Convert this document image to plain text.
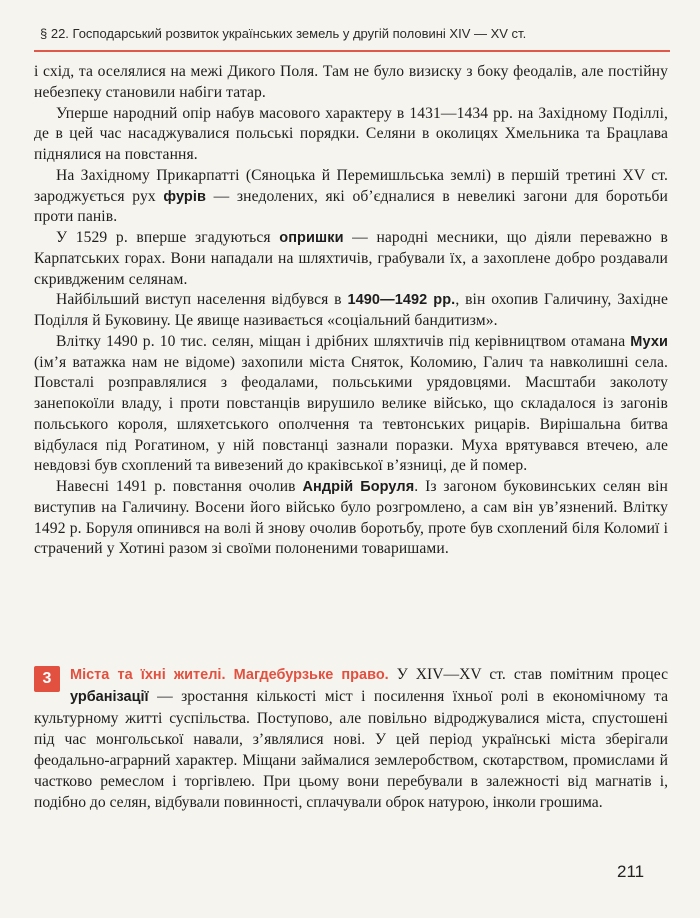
§ 22. Господарський розвиток українських земель у другій половині XIV — XV ст.

і схід, та оселялися на межі Дикого Поля. Там не було визиску з боку феодалів, але постійну небезпеку становили набіги татар.

Уперше народний опір набув масового характеру в 1431—1434 рр. на Західному Поділлі, де в цей час насаджувалися польські порядки. Селяни в околицях Хмельника та Брацлава піднялися на повстання.

На Західному Прикарпатті (Сяноцька й Перемишльська землі) в першій третині XV ст. зароджується рух фурів — знедолених, які об’єдналися в невеликі загони для боротьби проти панів.

У 1529 р. вперше згадуються опришки — народні месники, що діяли переважно в Карпатських горах. Вони нападали на шляхтичів, грабували їх, а захоплене добро роздавали скривдженим селянам.

Найбільший виступ населення відбувся в 1490—1492 рр., він охопив Галичину, Західне Поділля й Буковину. Це явище називається «соціальний бандитизм».

Влітку 1490 р. 10 тис. селян, міщан і дрібних шляхтичів під керівництвом отамана Мухи (ім’я ватажка нам не відоме) захопили міста Сняток, Коломию, Галич та навколишні села. Повсталі розправлялися з феодалами, польськими урядовцями. Масштаби заколоту занепокоїли владу, і проти повстанців вирушило велике військо, що складалося із загонів польського короля, шляхетського ополчення та тевтонських рицарів. Вирішальна битва відбулася під Рогатином, у ній повстанці зазнали поразки. Муха врятувався втечею, але невдовзі був схоплений та вивезений до краківської в’язниці, де й помер.

Навесні 1491 р. повстання очолив Андрій Боруля. Із загоном буковинських селян він виступив на Галичину. Восени його військо було розгромлено, а сам він ув’язнений. Влітку 1492 р. Боруля опинився на волі й знову очолив боротьбу, проте був схоплений біля Коломиї і страчений у Хотині разом зі своїми полоненими товаришами.

3	Міста та їхні жителі. Магдебурзьке право. У XIV—XV ст. став помітним процес урбанізації — зростання кількості міст і посилення їхньої ролі в економічному та культурному житті суспільства. Поступово, але повільно відроджувалися міста, спустошені під час монгольської навали, з’являлися нові. У цей період українські міста зберігали феодально-аграрний характер. Міщани займалися землеробством, скотарством, промислами й частково ремеслом і торгівлею. При цьому вони перебували в залежності від магнатів і, подібно до селян, відбували повинності, сплачували оброк натурою, інколи грошима.

211
